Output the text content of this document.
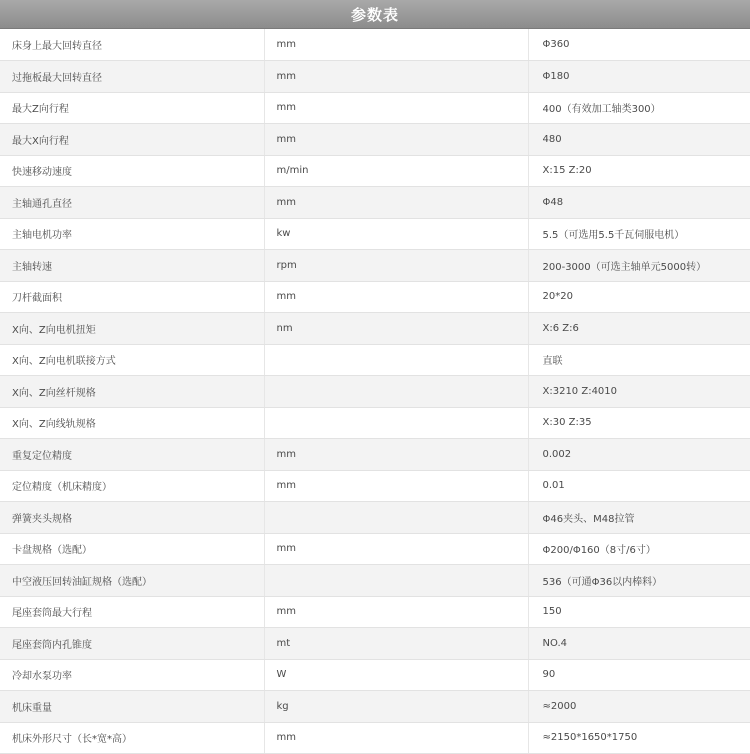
参数表
床身上最大回转直径	mm	Φ360
过拖板最大回转直径	mm	Φ180
最大Z向行程	mm	400（有效加工轴类300）
最大X向行程	mm	480
快速移动速度	m/min	X:15 Z:20
主轴通孔直径	mm	Φ48
主轴电机功率	kw	5.5（可选用5.5千瓦伺服电机）
主轴转速	rpm	200-3000（可选主轴单元5000转）
刀杆截面积	mm	20*20
X向、Z向电机扭矩	nm	X:6 Z:6
X向、Z向电机联接方式		直联
X向、Z向丝杆规格		X:3210 Z:4010
X向、Z向线轨规格		X:30 Z:35
重复定位精度	mm	0.002
定位精度（机床精度）	mm	0.01
弹簧夹头规格		Φ46夹头、M48拉管
卡盘规格（选配）	mm	Φ200/Φ160（8寸/6寸）
中空液压回转油缸规格（选配）		536（可通Φ36以内棒料）
尾座套筒最大行程	mm	150
尾座套筒内孔锥度	mt	NO.4
冷却水泵功率	W	90
机床重量	kg	≈2000
机床外形尺寸（长*宽*高）	mm	≈2150*1650*1750
